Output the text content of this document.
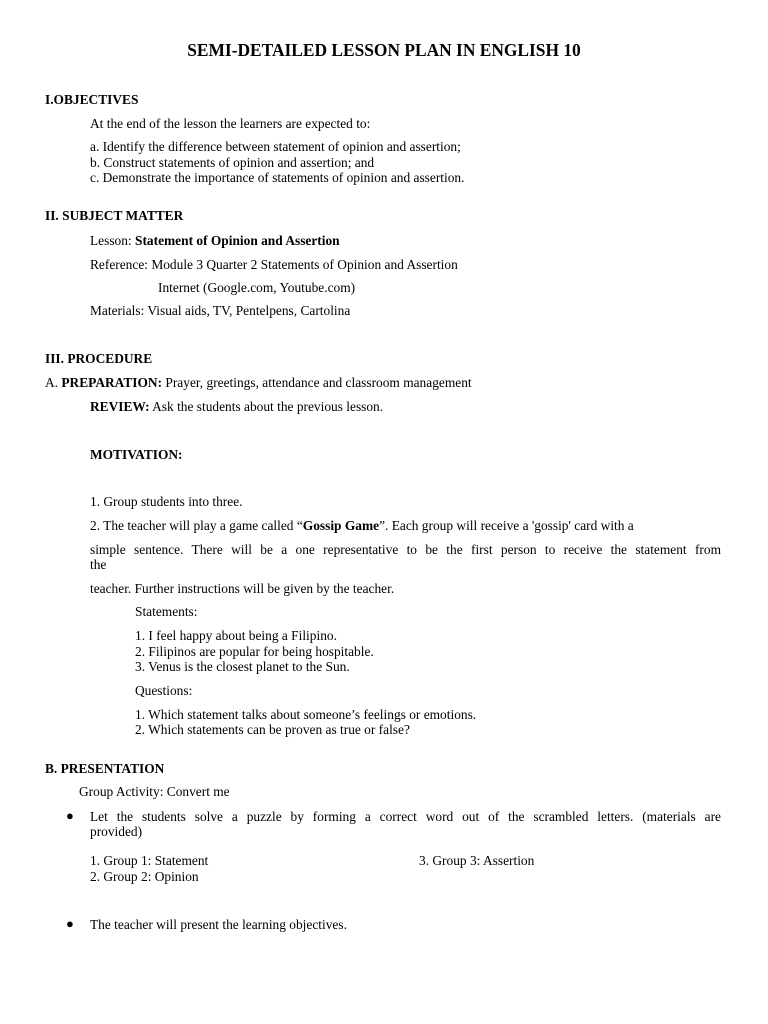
SEMI-DETAILED LESSON PLAN IN ENGLISH 10
I.OBJECTIVES
At the end of the lesson the learners are expected to:
a. Identify the difference between statement of opinion and assertion;
b. Construct statements of opinion and assertion; and
c. Demonstrate the importance of statements of opinion and assertion.
II. SUBJECT MATTER
Lesson: Statement of Opinion and Assertion
Reference: Module 3 Quarter 2 Statements of Opinion and Assertion
Internet (Google.com, Youtube.com)
Materials: Visual aids, TV, Pentelpens, Cartolina
III. PROCEDURE
A. PREPARATION: Prayer, greetings, attendance and classroom management
REVIEW: Ask the students about the previous lesson.
MOTIVATION:
1. Group students into three.
2. The teacher will play a game called “Gossip Game”. Each group will receive a 'gossip' card with a
simple sentence. There will be a one representative to be the first person to receive the statement from
the
teacher. Further instructions will be given by the teacher.
Statements:
1. I feel happy about being a Filipino.
2. Filipinos are popular for being hospitable.
3. Venus is the closest planet to the Sun.
Questions:
1. Which statement talks about someone’s feelings or emotions.
2. Which statements can be proven as true or false?
B. PRESENTATION
Group Activity: Convert me
● Let the students solve a puzzle by forming a correct word out of the scrambled letters. (materials are
provided)
1. Group 1: Statement	3. Group 3: Assertion
2. Group 2: Opinion
● The teacher will present the learning objectives.
